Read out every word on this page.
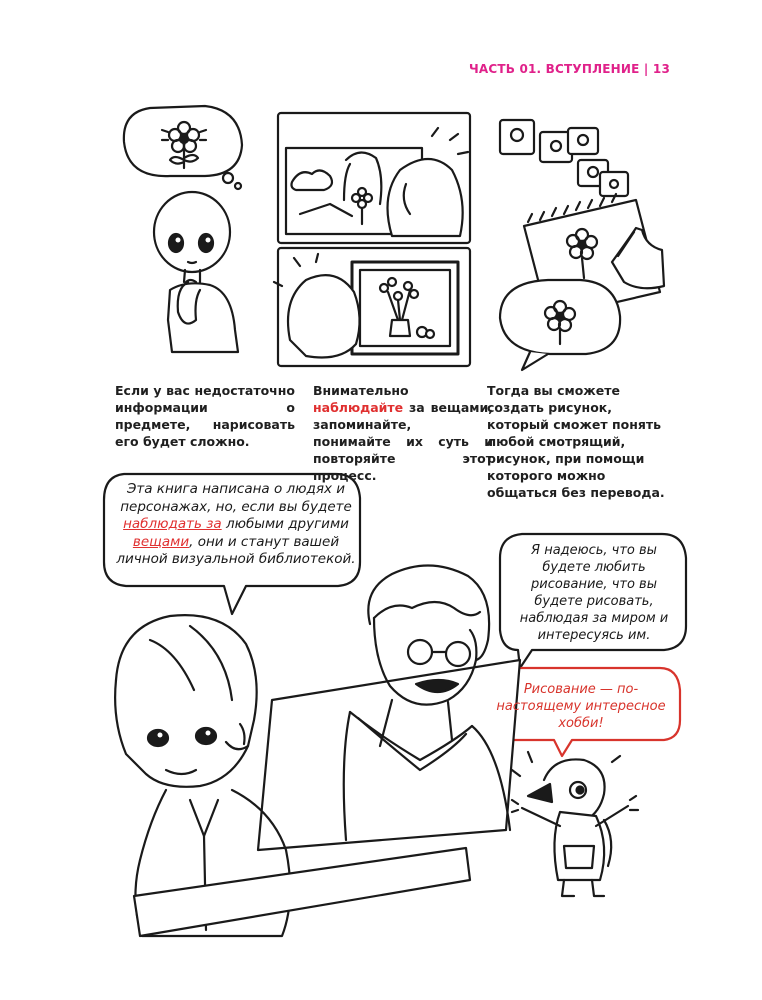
ЧАСТЬ 01. ВСТУПЛЕНИЕ | 13
Если у вас недостаточно информации о предмете, нарисовать его будет сложно.
Внимательно наблюдайте за вещами, запоминайте, понимайте их суть и повторяйте этот процесс.
Тогда вы сможете создать рисунок, который сможет понять любой смотрящий, рисунок, при помощи которого можно общаться без перевода.
Эта книга написана о людях и персонажах, но, если вы будете наблюдать за любыми другими вещами, они и станут вашей личной визуальной библиотекой.
Я надеюсь, что вы будете любить рисование, что вы будете рисовать, наблюдая за миром и интересуясь им.
Рисование — по-настоящему интересное хобби!
